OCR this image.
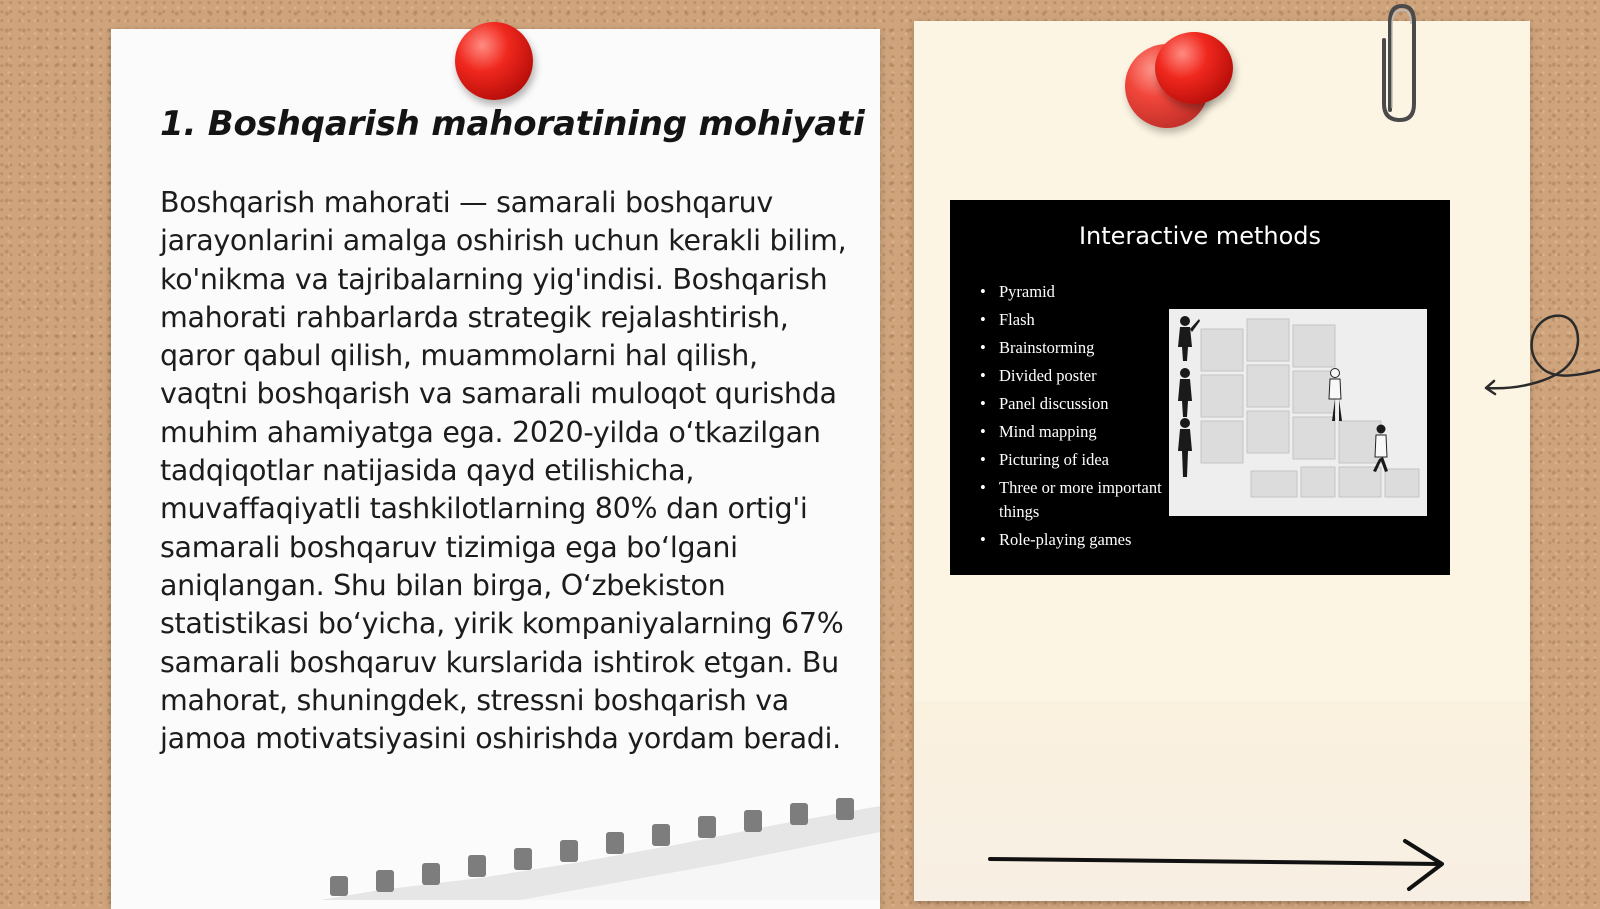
1. Boshqarish mahoratining mohiyati

Boshqarish mahorati — samarali boshqaruv jarayonlarini amalga oshirish uchun kerakli bilim, ko'nikma va tajribalarning yig'indisi. Boshqarish mahorati rahbarlarda strategik rejalashtirish, qaror qabul qilish, muammolarni hal qilish, vaqtni boshqarish va samarali muloqot qurishda muhim ahamiyatga ega. 2020-yilda o‘tkazilgan tadqiqotlar natijasida qayd etilishicha, muvaffaqiyatli tashkilotlarning 80% dan ortig'i samarali boshqaruv tizimiga ega bo‘lgani aniqlangan. Shu bilan birga, O‘zbekiston statistikasi bo‘yicha, yirik kompaniyalarning 67% samarali boshqaruv kurslarida ishtirok etgan. Bu mahorat, shuningdek, stressni boshqarish va jamoa motivatsiyasini oshirishda yordam beradi.

Interactive methods
• Pyramid
• Flash
• Brainstorming
• Divided poster
• Panel discussion
• Mind mapping
• Picturing of idea
• Three or more important things
• Role-playing games
